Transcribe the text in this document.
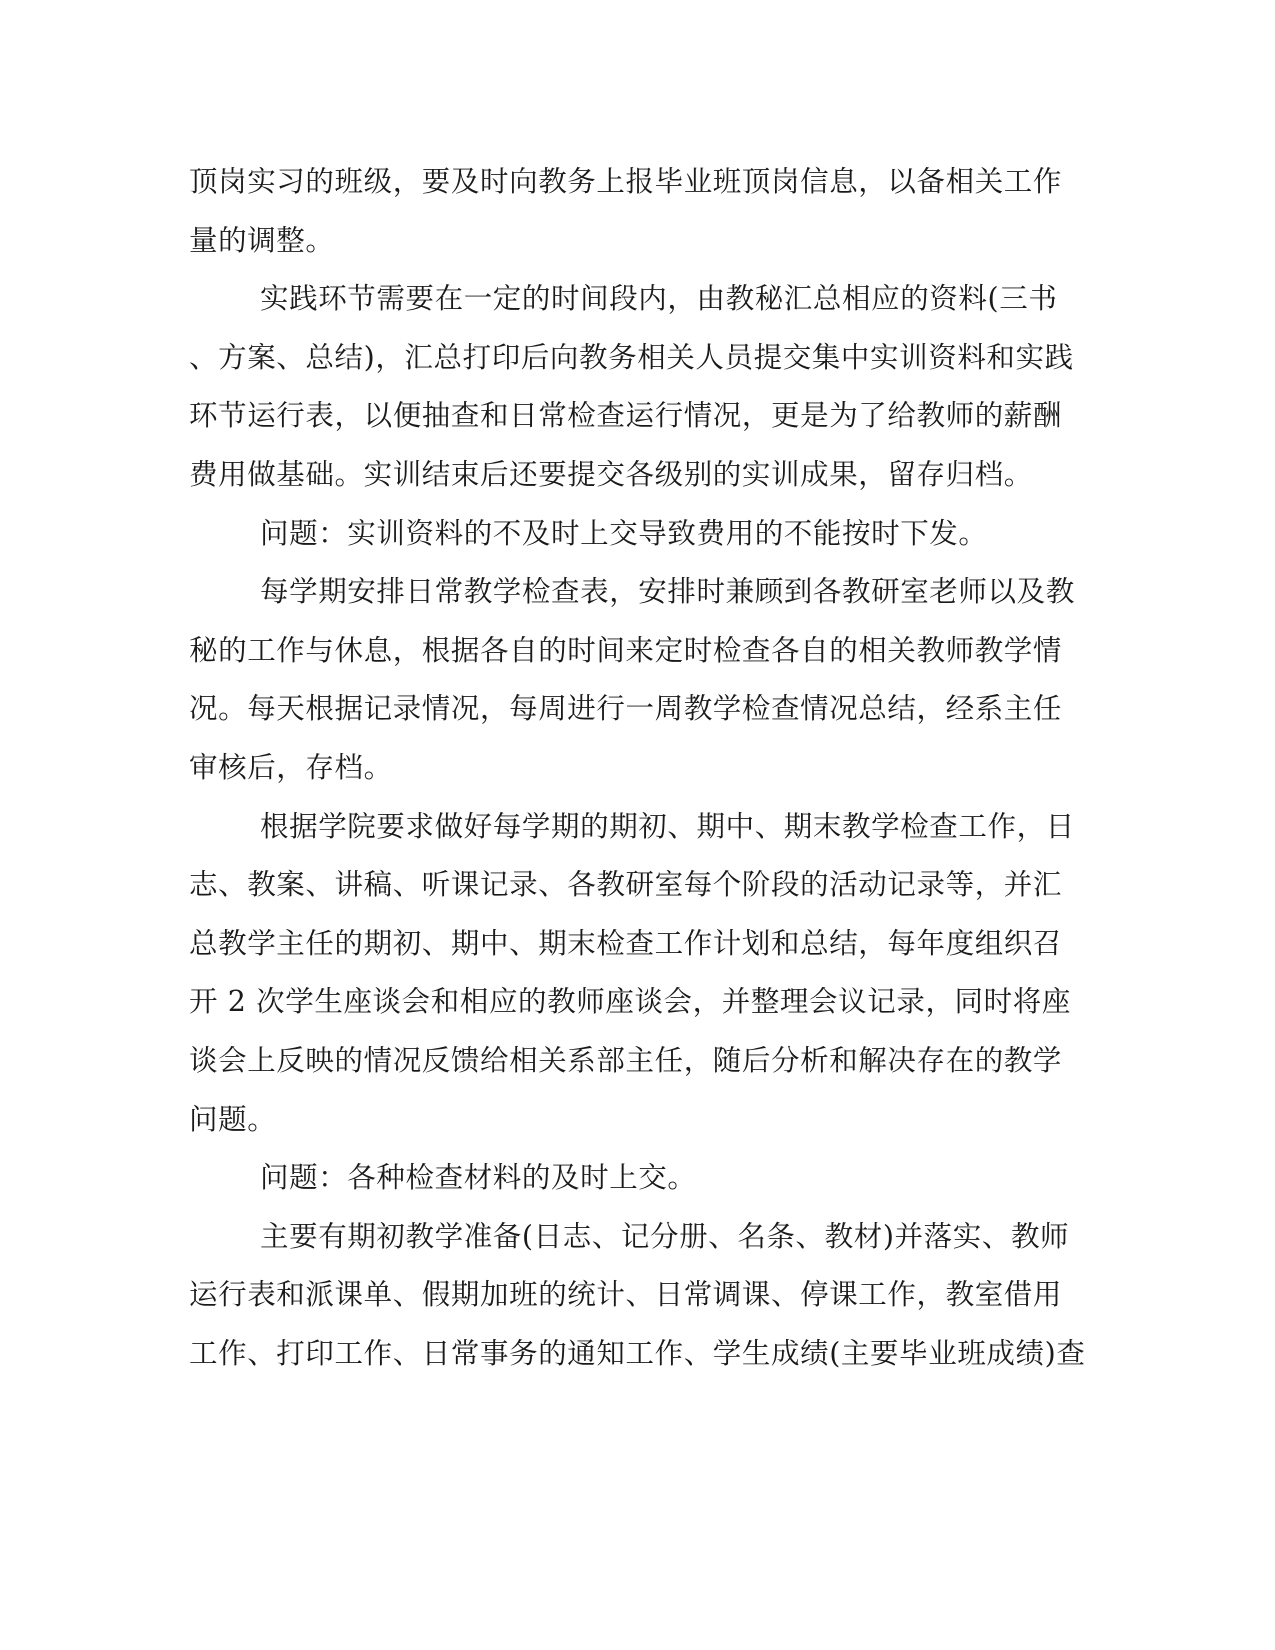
顶岗实习的班级，要及时向教务上报毕业班顶岗信息，以备相关工作
量的调整。
实践环节需要在一定的时间段内，由教秘汇总相应的资料(三书
、方案、总结)，汇总打印后向教务相关人员提交集中实训资料和实践
环节运行表，以便抽查和日常检查运行情况，更是为了给教师的薪酬
费用做基础。实训结束后还要提交各级别的实训成果，留存归档。
问题：实训资料的不及时上交导致费用的不能按时下发。
每学期安排日常教学检查表，安排时兼顾到各教研室老师以及教
秘的工作与休息，根据各自的时间来定时检查各自的相关教师教学情
况。每天根据记录情况，每周进行一周教学检查情况总结，经系主任
审核后，存档。
根据学院要求做好每学期的期初、期中、期末教学检查工作，日
志、教案、讲稿、听课记录、各教研室每个阶段的活动记录等，并汇
总教学主任的期初、期中、期末检查工作计划和总结，每年度组织召
开 2 次学生座谈会和相应的教师座谈会，并整理会议记录，同时将座
谈会上反映的情况反馈给相关系部主任，随后分析和解决存在的教学
问题。
问题：各种检查材料的及时上交。
主要有期初教学准备(日志、记分册、名条、教材)并落实、教师
运行表和派课单、假期加班的统计、日常调课、停课工作，教室借用
工作、打印工作、日常事务的通知工作、学生成绩(主要毕业班成绩)查
